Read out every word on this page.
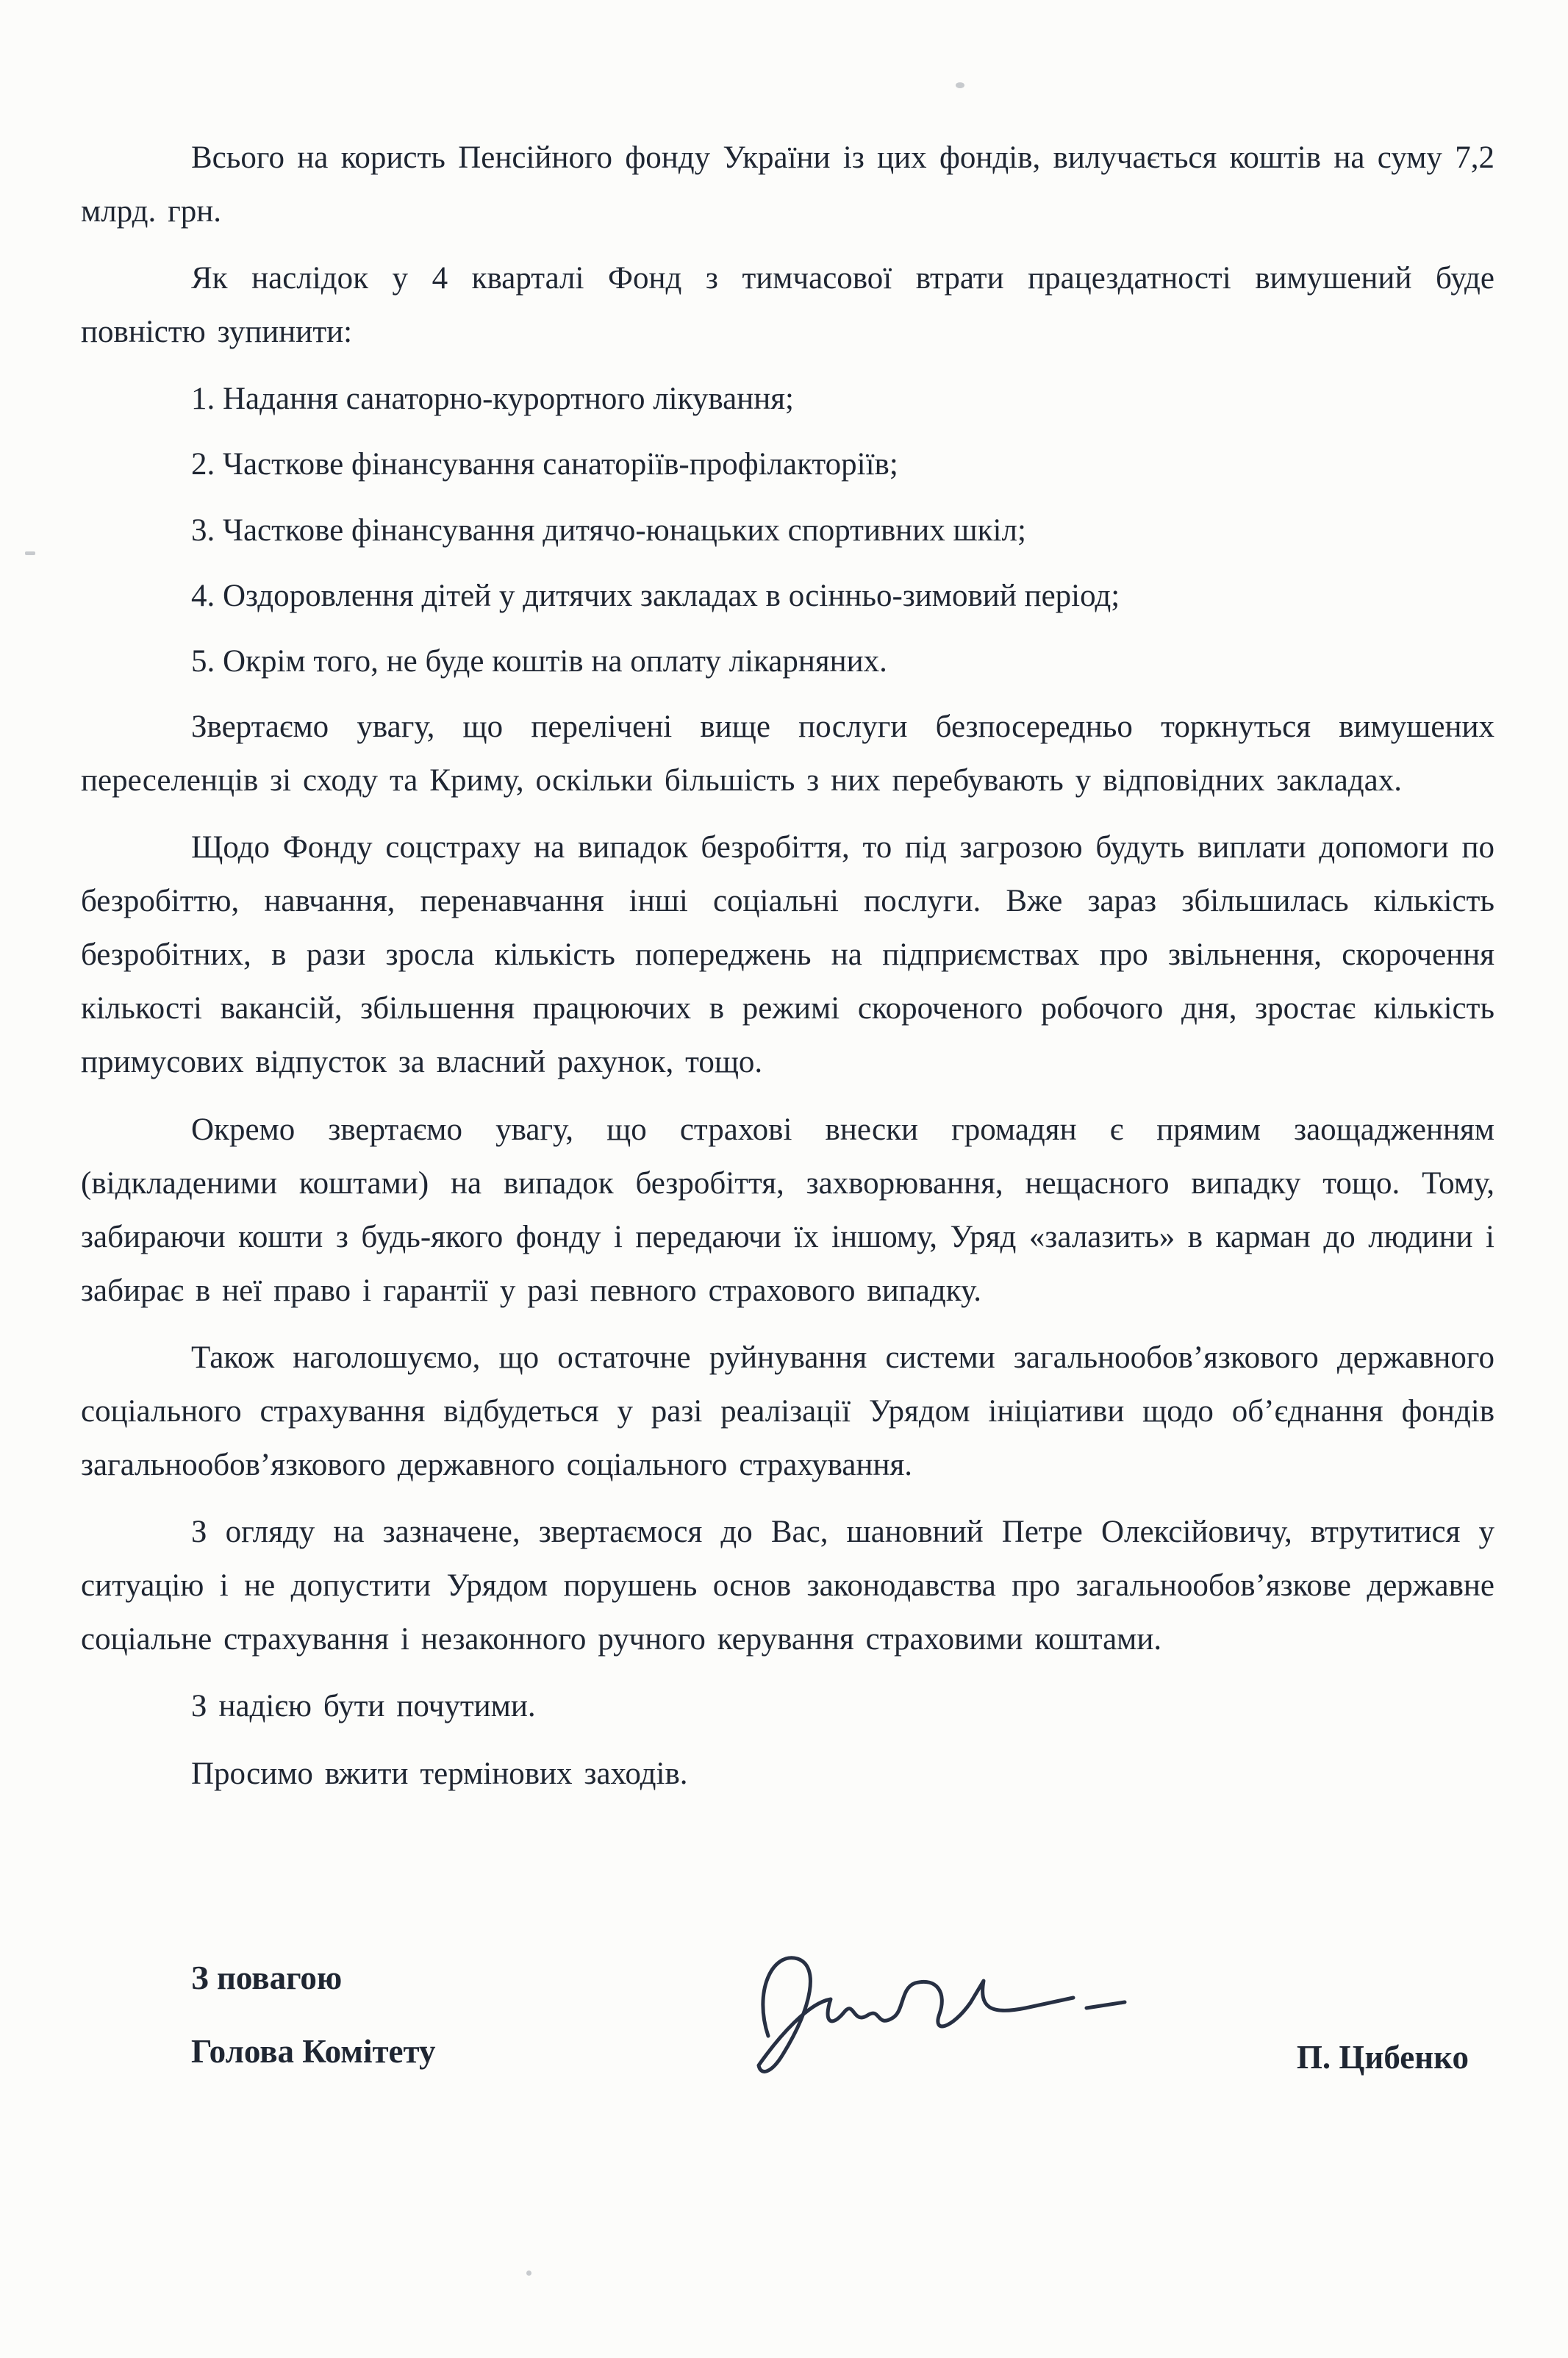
Всього на користь Пенсійного фонду України із цих фондів, вилучається коштів на суму 7,2 млрд. грн.

Як наслідок у 4 кварталі Фонд з тимчасової втрати працездатності вимушений буде повністю зупинити:

1. Надання санаторно-курортного лікування;
2. Часткове фінансування санаторіїв-профілакторіїв;
3. Часткове фінансування дитячо-юнацьких спортивних шкіл;
4. Оздоровлення дітей у дитячих закладах в осінньо-зимовий період;
5. Окрім того, не буде коштів на оплату лікарняних.

Звертаємо увагу, що перелічені вище послуги безпосередньо торкнуться вимушених переселенців зі сходу та Криму, оскільки більшість з них перебувають у відповідних закладах.

Щодо Фонду соцстраху на випадок безробіття, то під загрозою будуть виплати допомоги по безробіттю, навчання, перенавчання інші соціальні послуги. Вже зараз збільшилась кількість безробітних, в рази зросла кількість попереджень на підприємствах про звільнення, скорочення кількості вакансій, збільшення працюючих в режимі скороченого робочого дня, зростає кількість примусових відпусток за власний рахунок, тощо.

Окремо звертаємо увагу, що страхові внески громадян є прямим заощадженням (відкладеними коштами) на випадок безробіття, захворювання, нещасного випадку тощо. Тому, забираючи кошти з будь-якого фонду і передаючи їх іншому, Уряд «залазить» в карман до людини і забирає в неї право і гарантії у разі певного страхового випадку.

Також наголошуємо, що остаточне руйнування системи загальнообов’язкового державного соціального страхування відбудеться у разі реалізації Урядом ініціативи щодо об’єднання фондів загальнообов’язкового державного соціального страхування.

З огляду на зазначене, звертаємося до Вас, шановний Петре Олексійовичу, втрутитися у ситуацію і не допустити Урядом порушень основ законодавства про загальнообов’язкове державне соціальне страхування і незаконного ручного керування страховими коштами.

З надією бути почутими.

Просимо вжити термінових заходів.

З повагою
Голова Комітету	П. Цибенко
